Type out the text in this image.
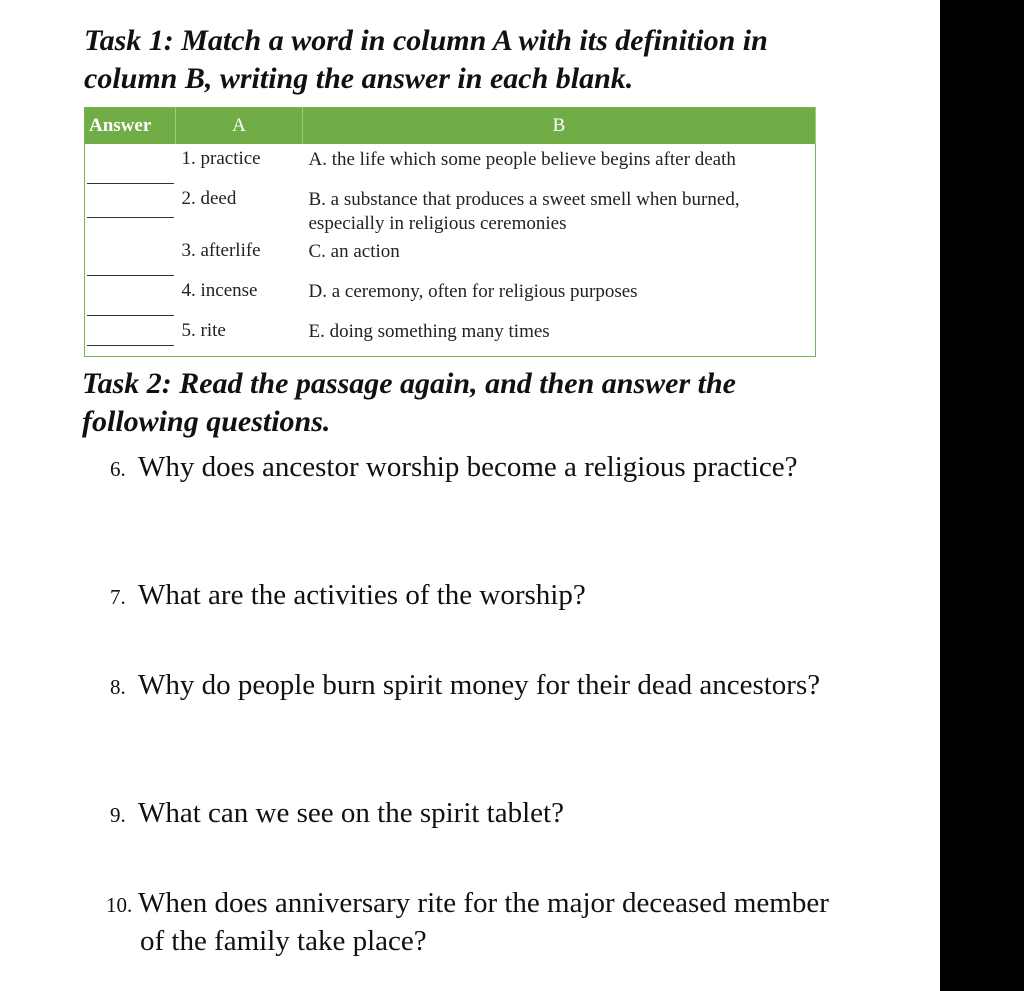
Task 1: Match a word in column A with its definition in column B, writing the answer in each blank.
Answer	A	B

	1. practice	A. the life which some people believe begins after death

	2. deed	B. a substance that produces a sweet smell when burned, especially in religious ceremonies

	3. afterlife	C. an action

	4. incense	D. a ceremony, often for religious purposes

	5. rite	E. doing something many times
Task 2: Read the passage again, and then answer the following questions.
6. Why does ancestor worship become a religious practice?
7. What are the activities of the worship?
8. Why do people burn spirit money for their dead ancestors?
9. What can we see on the spirit tablet?
10. When does anniversary rite for the major deceased member of the family take place?
